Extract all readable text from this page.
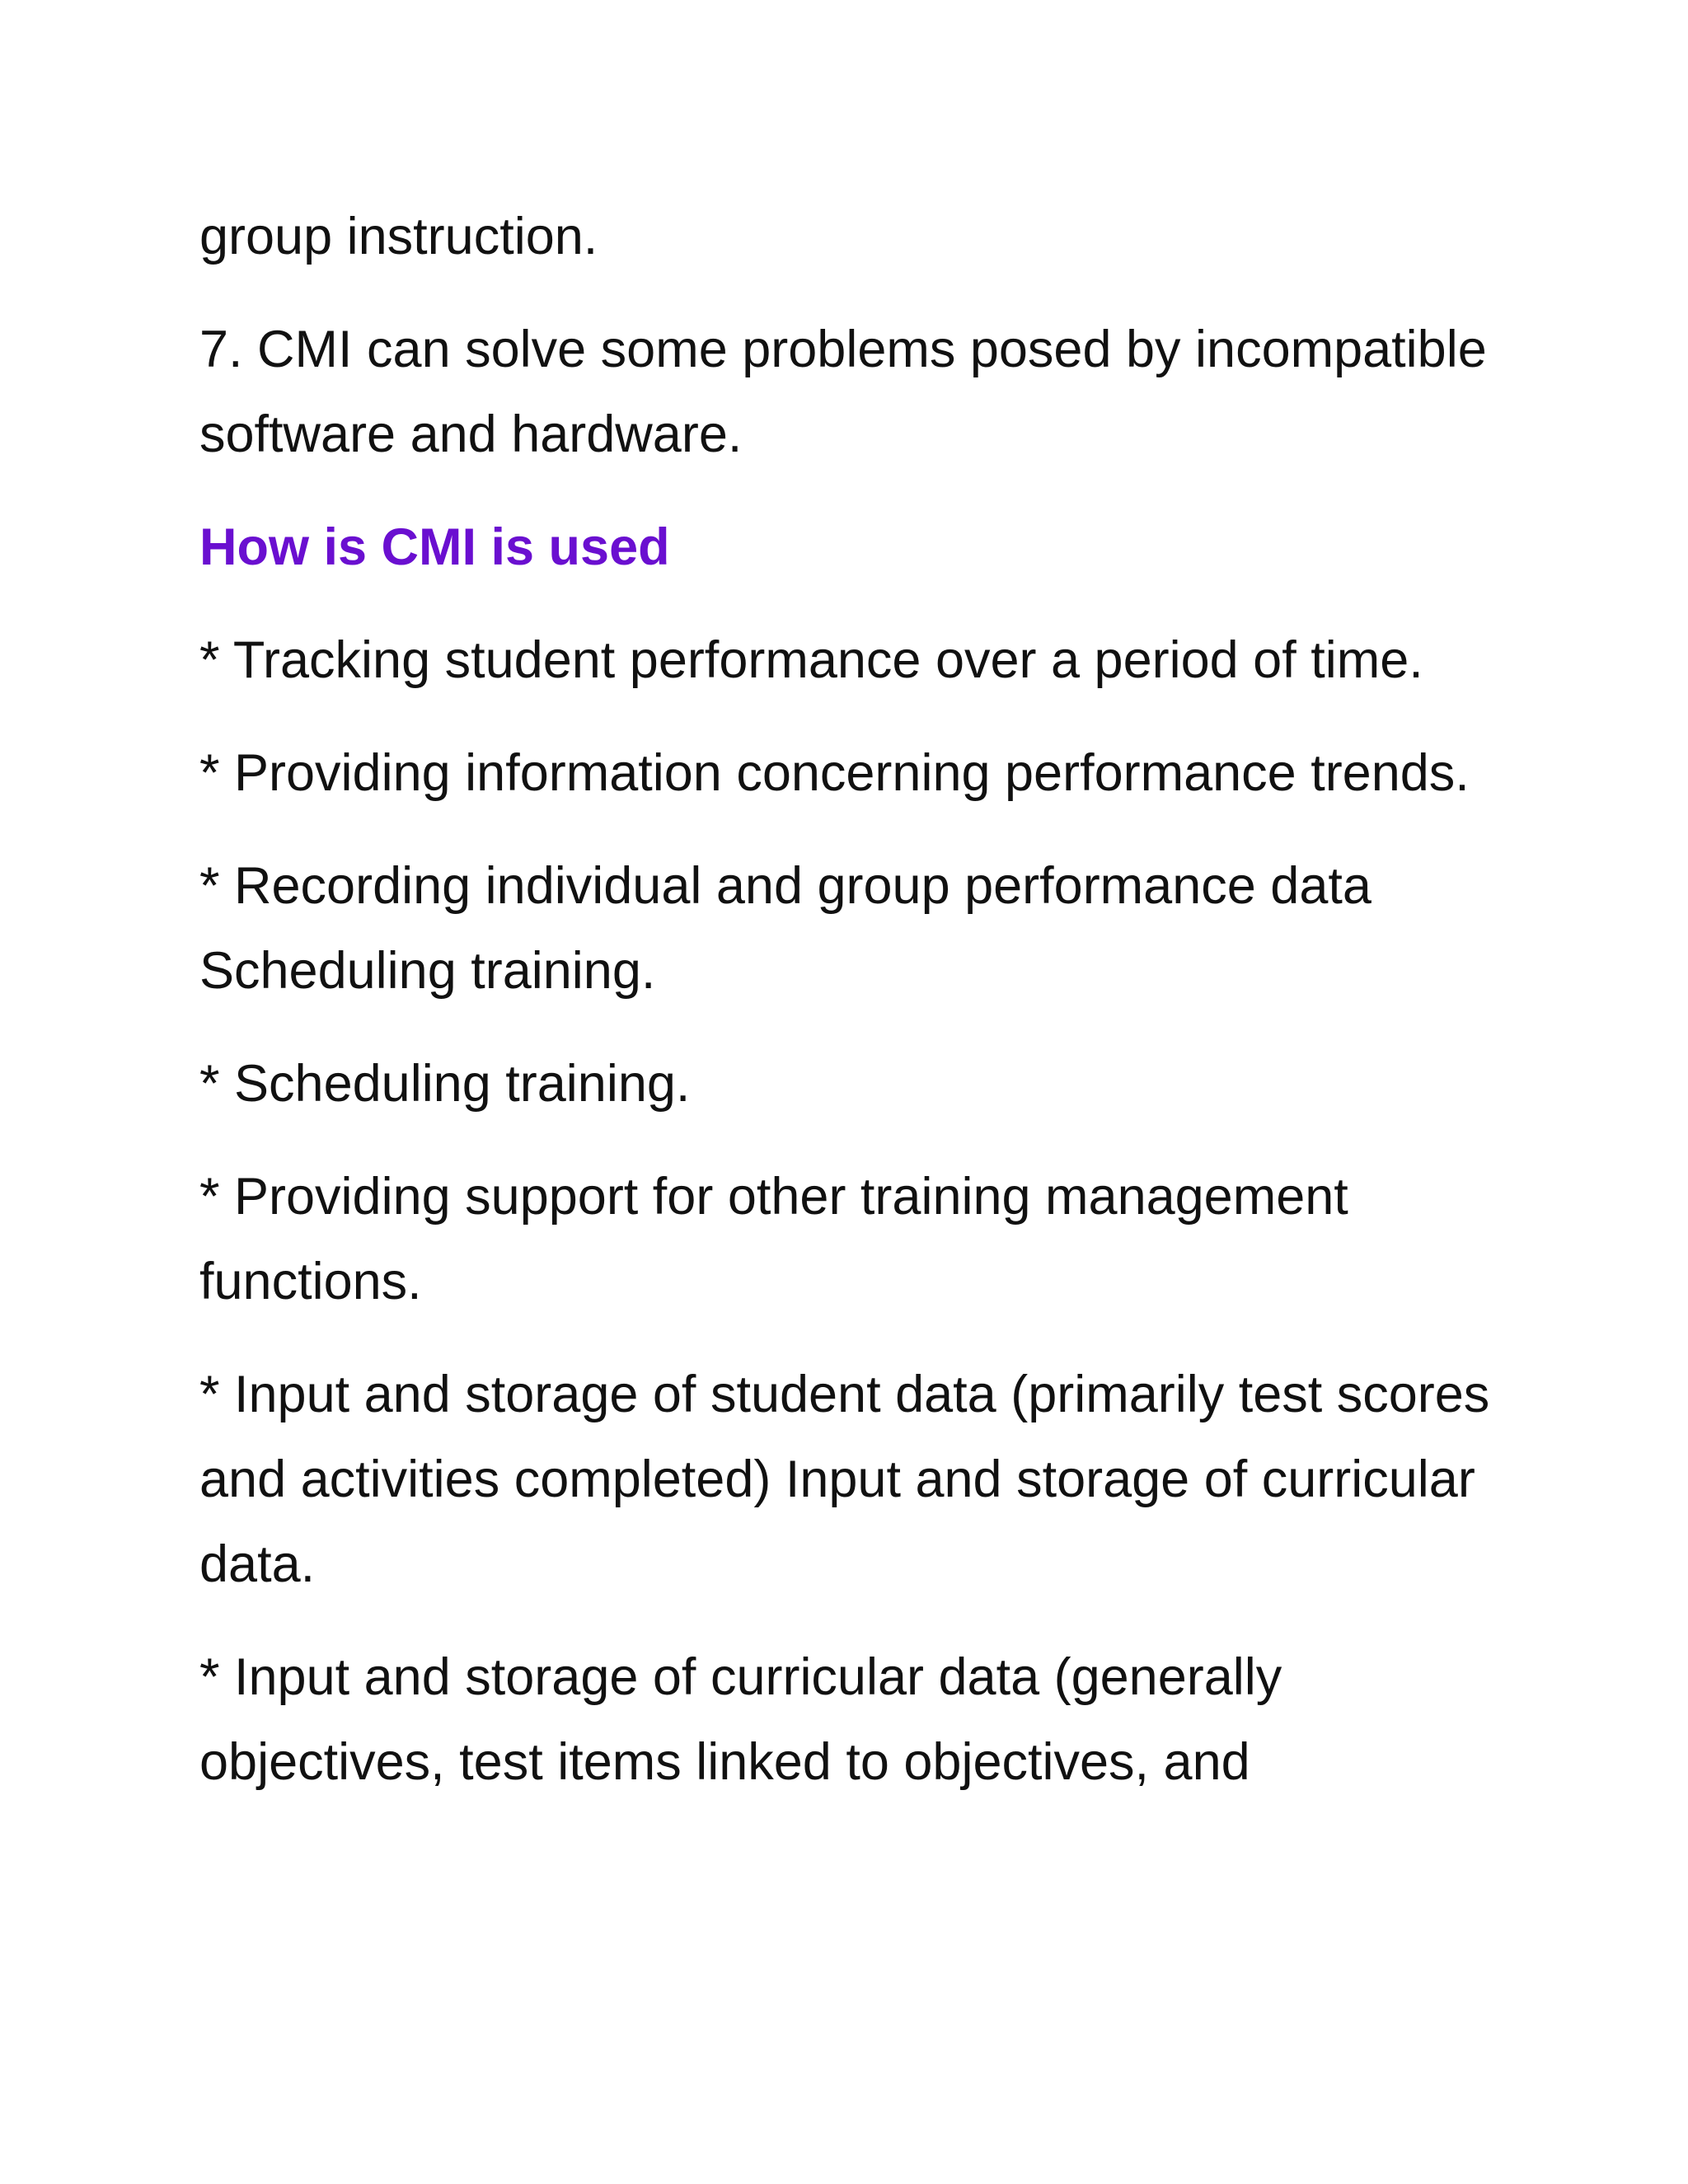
group instruction.

7. CMI can solve some problems posed by incompatible software and hardware.

How is CMI is used

* Tracking student performance over a period of time.

* Providing information concerning performance trends.

* Recording individual and group performance data Scheduling training.

* Scheduling training.

* Providing support for other training management functions.

* Input and storage of student data (primarily test scores and activities completed) Input and storage of curricular data.

* Input and storage of curricular data (generally objectives, test items linked to objectives, and
